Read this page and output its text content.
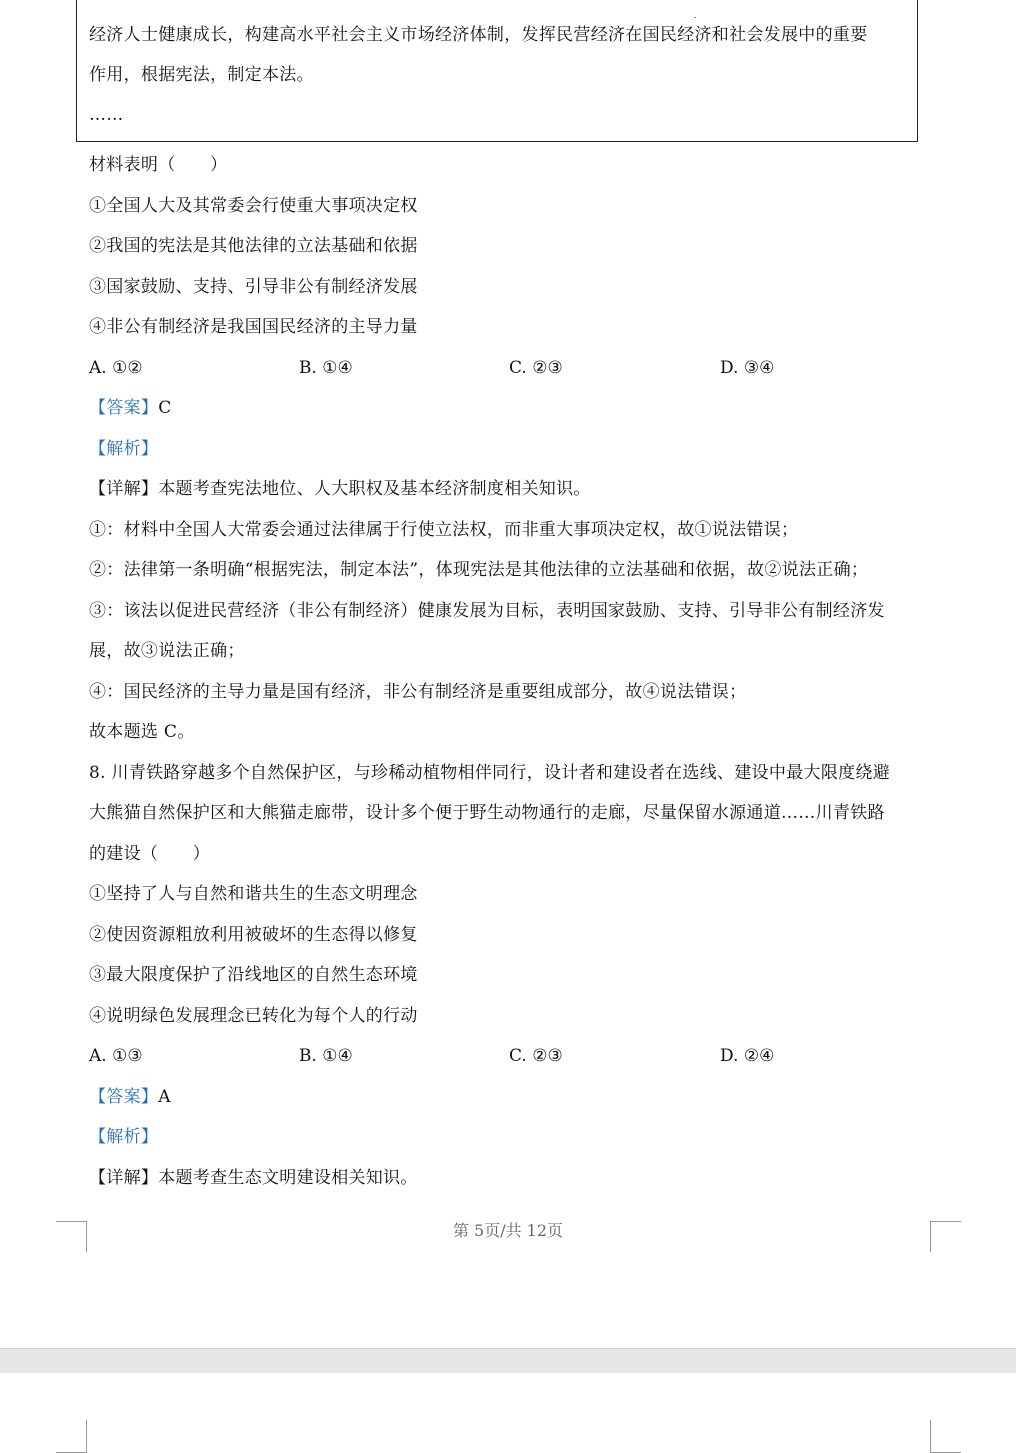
经济人士健康成长，构建高水平社会主义市场经济体制，发挥民营经济在国民经济和社会发展中的重要
作用，根据宪法，制定本法。
……
材料表明（　　）
①全国人大及其常委会行使重大事项决定权
②我国的宪法是其他法律的立法基础和依据
③国家鼓励、支持、引导非公有制经济发展
④非公有制经济是我国国民经济的主导力量
A. ①②	B. ①④	C. ②③	D. ③④
【答案】C
【解析】
【详解】本题考查宪法地位、人大职权及基本经济制度相关知识。
①：材料中全国人大常委会通过法律属于行使立法权，而非重大事项决定权，故①说法错误；
②：法律第一条明确“根据宪法，制定本法”，体现宪法是其他法律的立法基础和依据，故②说法正确；
③：该法以促进民营经济（非公有制经济）健康发展为目标，表明国家鼓励、支持、引导非公有制经济发
展，故③说法正确；
④：国民经济的主导力量是国有经济，非公有制经济是重要组成部分，故④说法错误；
故本题选 C。
8. 川青铁路穿越多个自然保护区，与珍稀动植物相伴同行，设计者和建设者在选线、建设中最大限度绕避
大熊猫自然保护区和大熊猫走廊带，设计多个便于野生动物通行的走廊，尽量保留水源通道……川青铁路
的建设（　　）
①坚持了人与自然和谐共生的生态文明理念
②使因资源粗放利用被破坏的生态得以修复
③最大限度保护了沿线地区的自然生态环境
④说明绿色发展理念已转化为每个人的行动
A. ①③	B. ①④	C. ②③	D. ②④
【答案】A
【解析】
【详解】本题考查生态文明建设相关知识。
第 5页/共 12页
